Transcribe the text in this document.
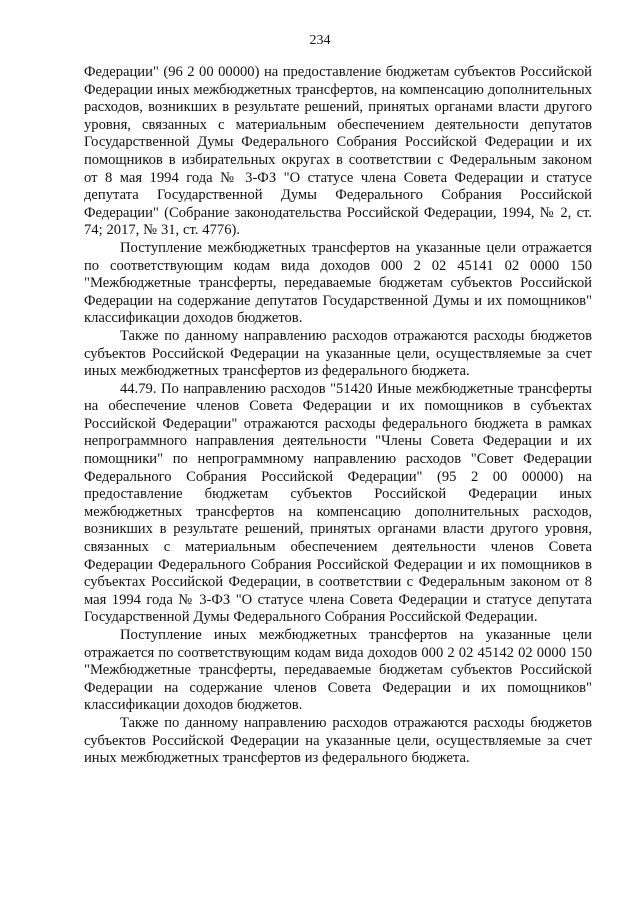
234

Федерации" (96 2 00 00000) на предоставление бюджетам субъектов Российской Федерации иных межбюджетных трансфертов, на компенсацию дополнительных расходов, возникших в результате решений, принятых органами власти другого уровня, связанных с материальным обеспечением деятельности депутатов Государственной Думы Федерального Собрания Российской Федерации и их помощников в избирательных округах в соответствии с Федеральным законом от 8 мая 1994 года № 3-ФЗ "О статусе члена Совета Федерации и статусе депутата Государственной Думы Федерального Собрания Российской Федерации" (Собрание законодательства Российской Федерации, 1994, № 2, ст. 74; 2017, № 31, ст. 4776).

Поступление межбюджетных трансфертов на указанные цели отражается по соответствующим кодам вида доходов 000 2 02 45141 02 0000 150 "Межбюджетные трансферты, передаваемые бюджетам субъектов Российской Федерации на содержание депутатов Государственной Думы и их помощников" классификации доходов бюджетов.

Также по данному направлению расходов отражаются расходы бюджетов субъектов Российской Федерации на указанные цели, осуществляемые за счет иных межбюджетных трансфертов из федерального бюджета.

44.79. По направлению расходов "51420 Иные межбюджетные трансферты на обеспечение членов Совета Федерации и их помощников в субъектах Российской Федерации" отражаются расходы федерального бюджета в рамках непрограммного направления деятельности "Члены Совета Федерации и их помощники" по непрограммному направлению расходов "Совет Федерации Федерального Собрания Российской Федерации" (95 2 00 00000) на предоставление бюджетам субъектов Российской Федерации иных межбюджетных трансфертов на компенсацию дополнительных расходов, возникших в результате решений, принятых органами власти другого уровня, связанных с материальным обеспечением деятельности членов Совета Федерации Федерального Собрания Российской Федерации и их помощников в субъектах Российской Федерации, в соответствии с Федеральным законом от 8 мая 1994 года № 3-ФЗ "О статусе члена Совета Федерации и статусе депутата Государственной Думы Федерального Собрания Российской Федерации.

Поступление иных межбюджетных трансфертов на указанные цели отражается по соответствующим кодам вида доходов 000 2 02 45142 02 0000 150 "Межбюджетные трансферты, передаваемые бюджетам субъектов Российской Федерации на содержание членов Совета Федерации и их помощников" классификации доходов бюджетов.

Также по данному направлению расходов отражаются расходы бюджетов субъектов Российской Федерации на указанные цели, осуществляемые за счет иных межбюджетных трансфертов из федерального бюджета.
